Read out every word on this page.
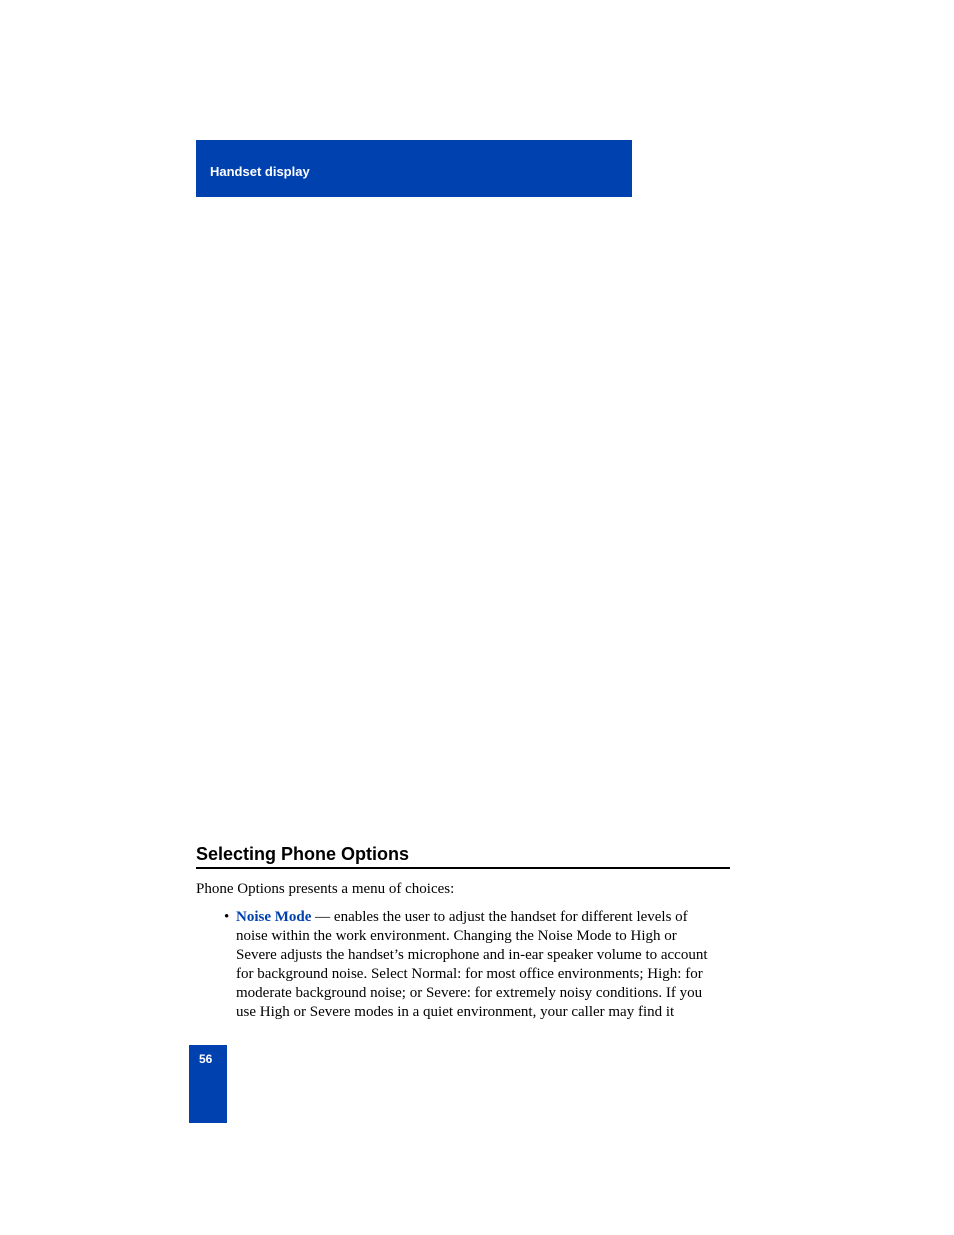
Handset display
Selecting Phone Options

Phone Options presents a menu of choices:

• Noise Mode — enables the user to adjust the handset for different levels of
noise within the work environment. Changing the Noise Mode to High or
Severe adjusts the handset’s microphone and in-ear speaker volume to account
for background noise. Select Normal: for most office environments; High: for
moderate background noise; or Severe: for extremely noisy conditions. If you
use High or Severe modes in a quiet environment, your caller may find it
56
